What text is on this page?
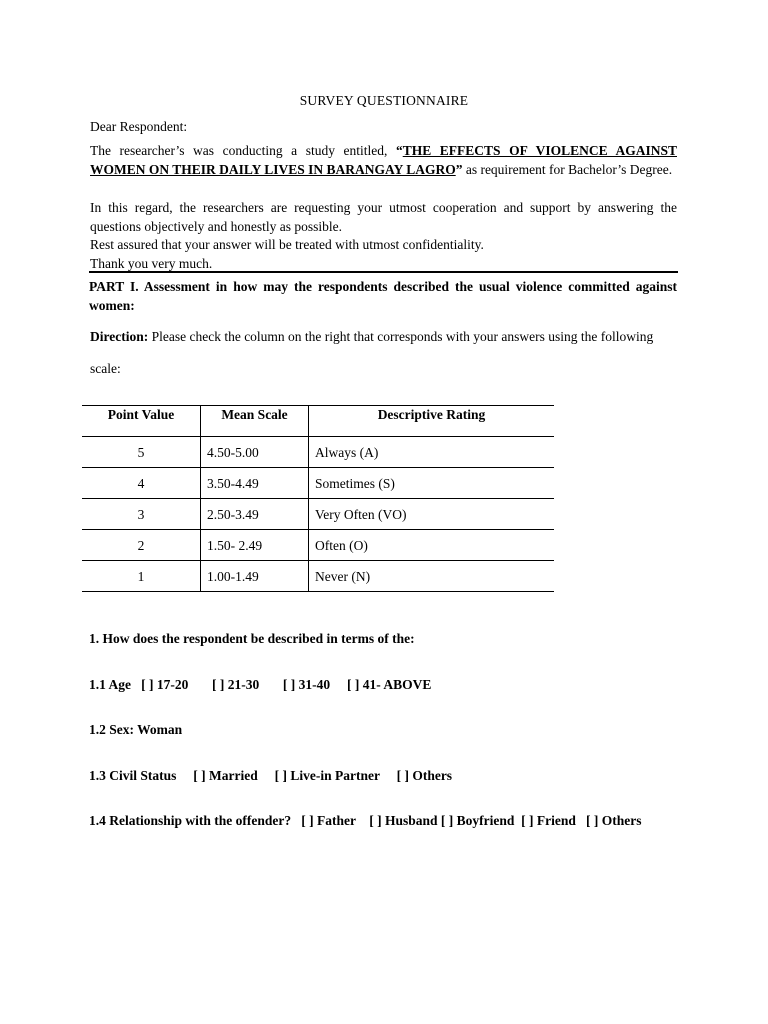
SURVEY QUESTIONNAIRE
Dear Respondent:
The researcher’s was conducting a study entitled, “THE EFFECTS OF VIOLENCE AGAINST WOMEN ON THEIR DAILY LIVES IN BARANGAY LAGRO” as requirement for Bachelor’s Degree.
In this regard, the researchers are requesting your utmost cooperation and support by answering the questions objectively and honestly as possible.
Rest assured that your answer will be treated with utmost confidentiality.
Thank you very much.
PART I. Assessment in how may the respondents described the usual violence committed against women:
Direction: Please check the column on the right that corresponds with your answers using the following
scale:
Point Value	Mean Scale	Descriptive Rating
5	4.50-5.00	Always (A)
4	3.50-4.49	Sometimes (S)
3	2.50-3.49	Very Often (VO)
2	1.50- 2.49	Often (O)
1	1.00-1.49	Never (N)
1. How does the respondent be described in terms of the:
1.1 Age   [ ] 17-20       [ ] 21-30       [ ] 31-40     [ ] 41- ABOVE
1.2 Sex: Woman
1.3 Civil Status     [ ] Married     [ ] Live-in Partner     [ ] Others
1.4 Relationship with the offender?   [ ] Father    [ ] Husband [ ] Boyfriend  [ ] Friend   [ ] Others
